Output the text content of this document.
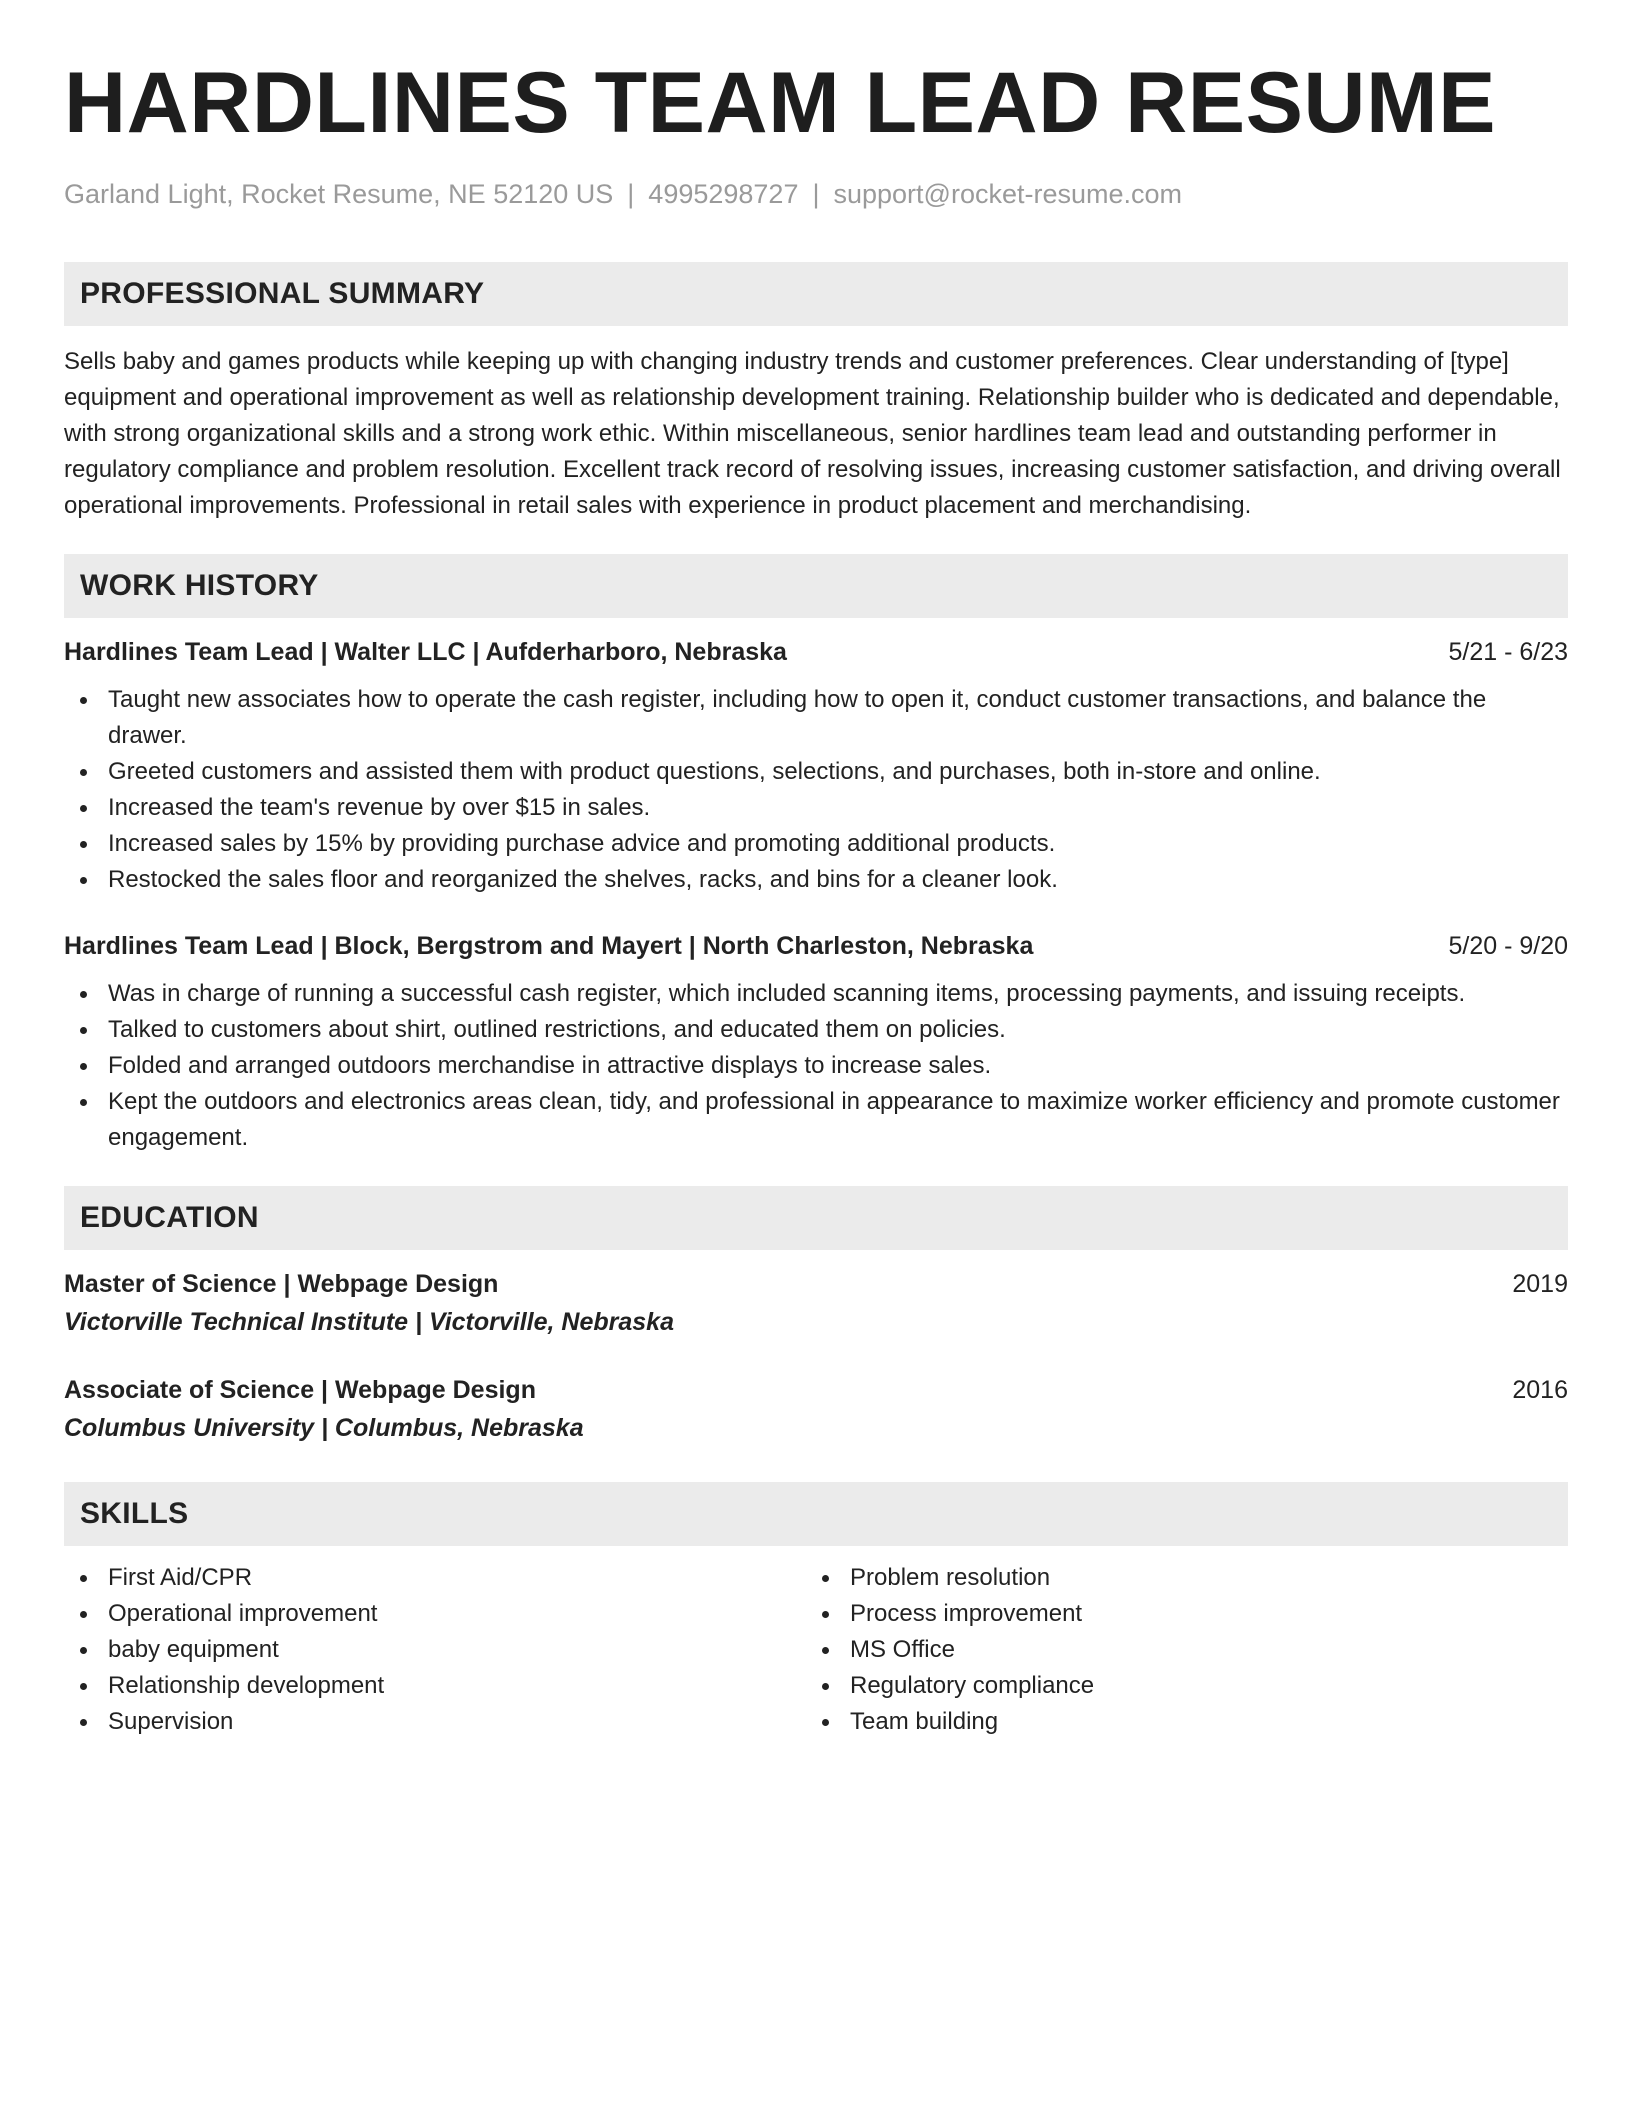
HARDLINES TEAM LEAD RESUME
Garland Light, Rocket Resume, NE 52120 US | 4995298727 | support@rocket-resume.com
PROFESSIONAL SUMMARY

Sells baby and games products while keeping up with changing industry trends and customer preferences. Clear understanding of [type] equipment and operational improvement as well as relationship development training. Relationship builder who is dedicated and dependable, with strong organizational skills and a strong work ethic. Within miscellaneous, senior hardlines team lead and outstanding performer in regulatory compliance and problem resolution. Excellent track record of resolving issues, increasing customer satisfaction, and driving overall operational improvements. Professional in retail sales with experience in product placement and merchandising.

WORK HISTORY
Hardlines Team Lead | Walter LLC | Aufderharboro, Nebraska	5/21 - 6/23
Taught new associates how to operate the cash register, including how to open it, conduct customer transactions, and balance the drawer.
Greeted customers and assisted them with product questions, selections, and purchases, both in-store and online.
Increased the team's revenue by over $15 in sales.
Increased sales by 15% by providing purchase advice and promoting additional products.
Restocked the sales floor and reorganized the shelves, racks, and bins for a cleaner look.
Hardlines Team Lead | Block, Bergstrom and Mayert | North Charleston, Nebraska	5/20 - 9/20
Was in charge of running a successful cash register, which included scanning items, processing payments, and issuing receipts.
Talked to customers about shirt, outlined restrictions, and educated them on policies.
Folded and arranged outdoors merchandise in attractive displays to increase sales.
Kept the outdoors and electronics areas clean, tidy, and professional in appearance to maximize worker efficiency and promote customer engagement.
EDUCATION
Master of Science | Webpage Design	2019
Victorville Technical Institute | Victorville, Nebraska
Associate of Science | Webpage Design	2016
Columbus University | Columbus, Nebraska
SKILLS
First Aid/CPR
Operational improvement
baby equipment
Relationship development
Supervision
Problem resolution
Process improvement
MS Office
Regulatory compliance
Team building
